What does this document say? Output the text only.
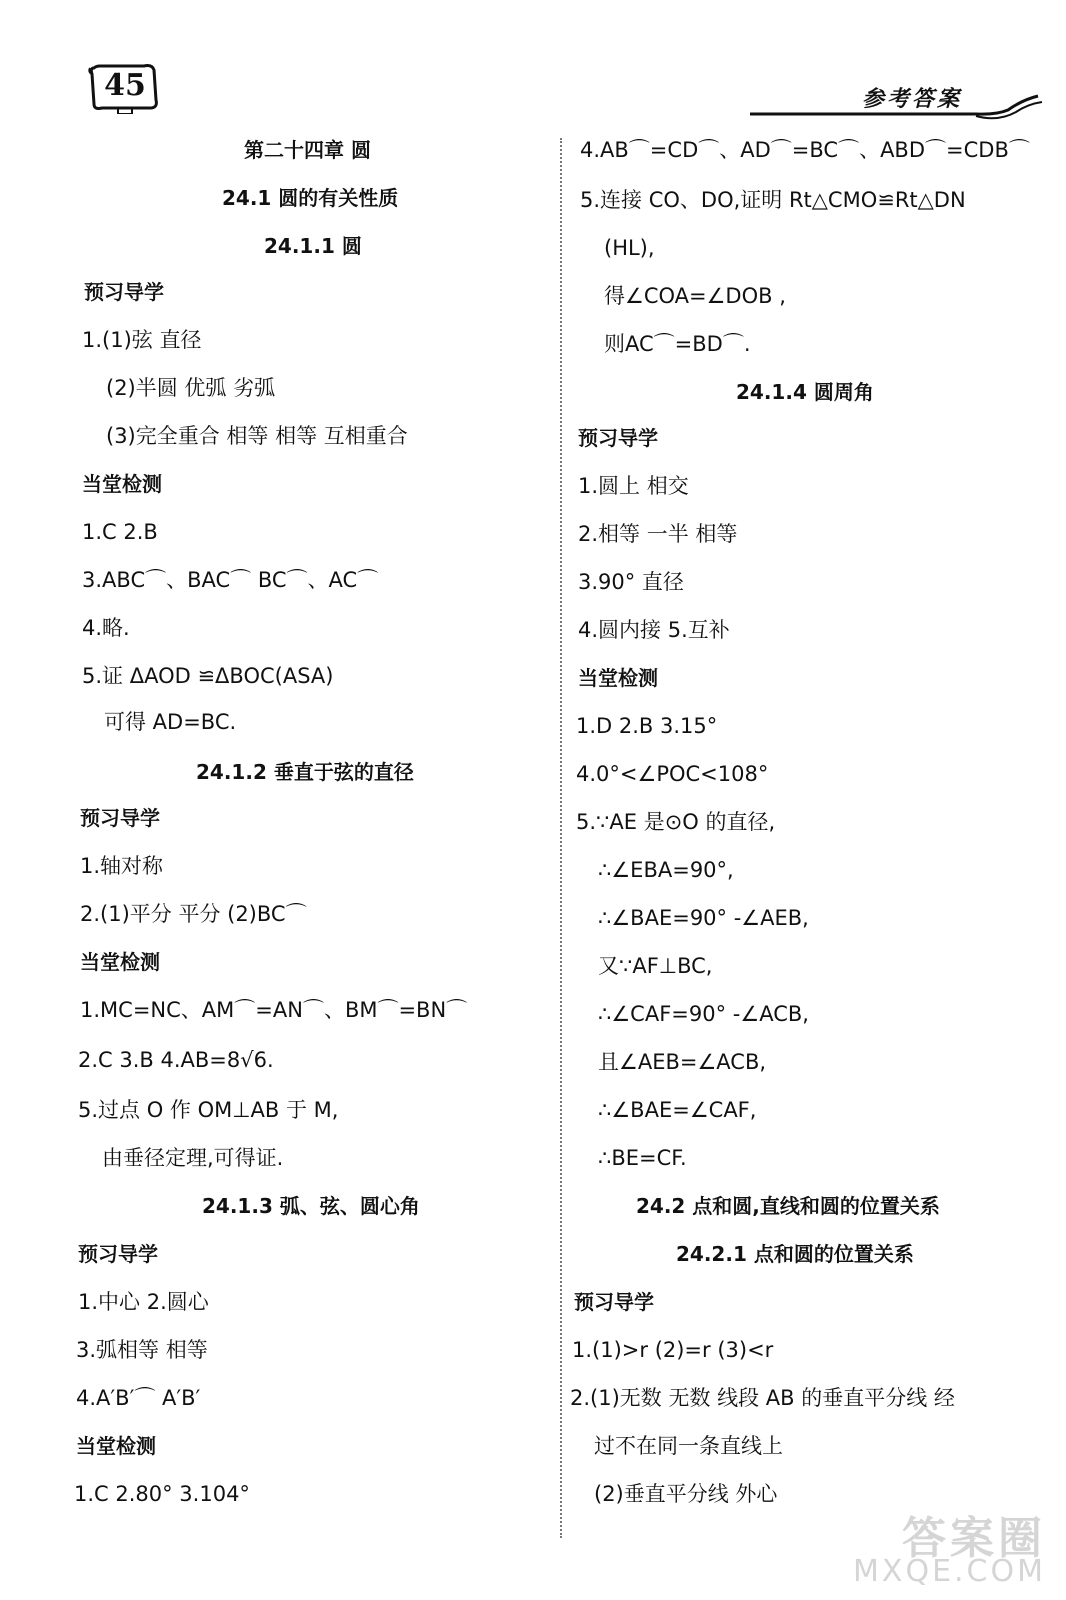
45	参考答案
第二十四章 圆
24.1 圆的有关性质
24.1.1 圆
预习导学
1.(1)弦 直径
(2)半圆 优弧 劣弧
(3)完全重合 相等 相等 互相重合
当堂检测
1.C 2.B
3.ABC⌒、BAC⌒ BC⌒、AC⌒
4.略.
5.证 ΔAOD ≌ΔBOC(ASA)
可得 AD=BC.
24.1.2 垂直于弦的直径
预习导学
1.轴对称
2.(1)平分 平分 (2)BC⌒
当堂检测
1.MC=NC、AM⌒=AN⌒、BM⌒=BN⌒
2.C 3.B 4.AB=8√6.
5.过点 O 作 OM⊥AB 于 M,
由垂径定理,可得证.
24.1.3 弧、弦、圆心角
预习导学
1.中心 2.圆心
3.弧相等 相等
4.A′B′⌒ A′B′
当堂检测
1.C 2.80° 3.104°
4.AB⌒=CD⌒、AD⌒=BC⌒、ABD⌒=CDB⌒
5.连接 CO、DO,证明 Rt△CMO≌Rt△DN
(HL),
得∠COA=∠DOB ,
则AC⌒=BD⌒.
24.1.4 圆周角
预习导学
1.圆上 相交
2.相等 一半 相等
3.90° 直径
4.圆内接 5.互补
当堂检测
1.D 2.B 3.15°
4.0°<∠POC<108°
5.∵AE 是⊙O 的直径,
∴∠EBA=90°,
∴∠BAE=90° -∠AEB,
又∵AF⊥BC,
∴∠CAF=90° -∠ACB,
且∠AEB=∠ACB,
∴∠BAE=∠CAF,
∴BE=CF.
24.2 点和圆,直线和圆的位置关系
24.2.1 点和圆的位置关系
预习导学
1.(1)>r (2)=r (3)<r
2.(1)无数 无数 线段 AB 的垂直平分线 经
过不在同一条直线上
(2)垂直平分线 外心
答案圈
MXQE.COM
